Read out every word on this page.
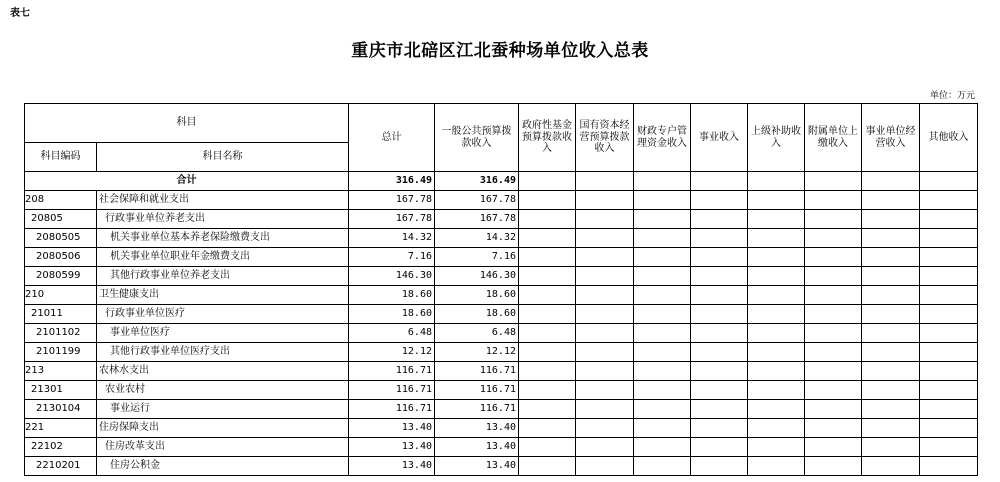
表七
重庆市北碚区江北蚕种场单位收入总表
单位：万元
科目		总计	一般公共预算拨款收入	政府性基金预算拨款收入	国有资本经营预算拨款收入	财政专户管理资金收入	事业收入	上级补助收入	附属单位上缴收入	事业单位经营收入	其他收入
科目编码	科目名称										
合计		316.49	316.49								
208	社会保障和就业支出	167.78	167.78								
20805	行政事业单位养老支出	167.78	167.78								
2080505	机关事业单位基本养老保险缴费支出	14.32	14.32								
2080506	机关事业单位职业年金缴费支出	7.16	7.16								
2080599	其他行政事业单位养老支出	146.30	146.30								
210	卫生健康支出	18.60	18.60								
21011	行政事业单位医疗	18.60	18.60								
2101102	事业单位医疗	6.48	6.48								
2101199	其他行政事业单位医疗支出	12.12	12.12								
213	农林水支出	116.71	116.71								
21301	农业农村	116.71	116.71								
2130104	事业运行	116.71	116.71								
221	住房保障支出	13.40	13.40								
22102	住房改革支出	13.40	13.40								
2210201	住房公积金	13.40	13.40								
